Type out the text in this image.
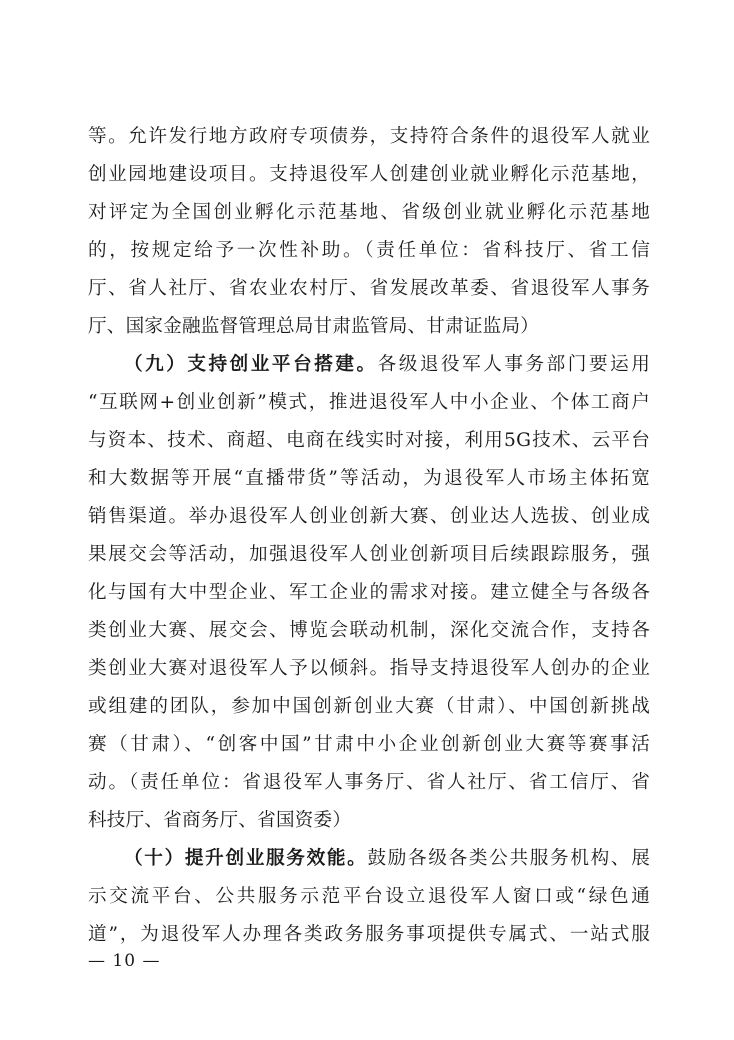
等。允许发行地方政府专项债券，支持符合条件的退役军人就业
创业园地建设项目。支持退役军人创建创业就业孵化示范基地，
对评定为全国创业孵化示范基地、省级创业就业孵化示范基地
的，按规定给予一次性补助。（责任单位：省科技厅、省工信
厅、省人社厅、省农业农村厅、省发展改革委、省退役军人事务
厅、国家金融监督管理总局甘肃监管局、甘肃证监局）
（九）支持创业平台搭建。各级退役军人事务部门要运用
“互联网+创业创新”模式，推进退役军人中小企业、个体工商户
与资本、技术、商超、电商在线实时对接，利用5G技术、云平台
和大数据等开展“直播带货”等活动，为退役军人市场主体拓宽
销售渠道。举办退役军人创业创新大赛、创业达人选拔、创业成
果展交会等活动，加强退役军人创业创新项目后续跟踪服务，强
化与国有大中型企业、军工企业的需求对接。建立健全与各级各
类创业大赛、展交会、博览会联动机制，深化交流合作，支持各
类创业大赛对退役军人予以倾斜。指导支持退役军人创办的企业
或组建的团队，参加中国创新创业大赛（甘肃）、中国创新挑战
赛（甘肃）、“创客中国”甘肃中小企业创新创业大赛等赛事活
动。（责任单位：省退役军人事务厅、省人社厅、省工信厅、省
科技厅、省商务厅、省国资委）
（十）提升创业服务效能。鼓励各级各类公共服务机构、展
示交流平台、公共服务示范平台设立退役军人窗口或“绿色通
道”，为退役军人办理各类政务服务事项提供专属式、一站式服
— 10 —
